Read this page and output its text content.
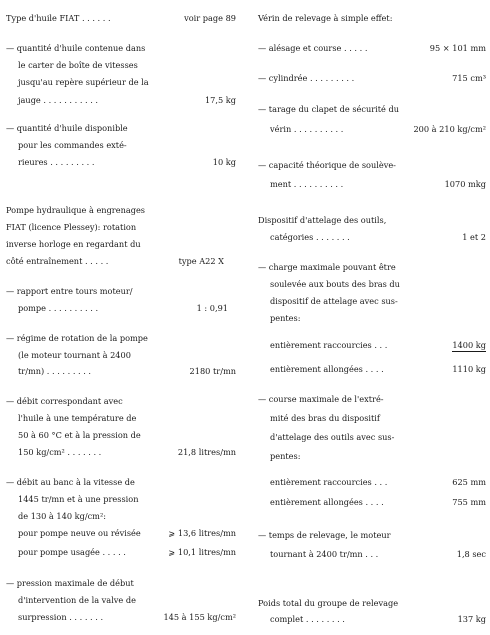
Type d'huile FIAT . . . . . .	voir page 89
— quantité d'huile contenue dans
le carter de boîte de vitesses
jusqu'au repère supérieur de la
jauge . . . . . . . . . . .	17,5 kg
— quantité d'huile disponible
pour les commandes exté-
rieures . . . . . . . . .	10 kg
Pompe hydraulique à engrenages
FIAT (licence Plessey): rotation
inverse horloge en regardant du
côté entraînement . . . . .	type A22 X
— rapport entre tours moteur/
pompe . . . . . . . . . .	1 : 0,91
— régime de rotation de la pompe
(le moteur tournant à 2400
tr/mn) . . . . . . . . .	2180 tr/mn
— débit correspondant avec
l'huile à une température de
50 à 60 °C et à la pression de
150 kg/cm² . . . . . . .	21,8 litres/mn
— débit au banc à la vitesse de
1445 tr/mn et à une pression
de 130 à 140 kg/cm²:
pour pompe neuve ou révisée	⩾ 13,6 litres/mn
pour pompe usagée . . . . .	⩾ 10,1 litres/mn
— pression maximale de début
d'intervention de la valve de
surpression . . . . . . .	145 à 155 kg/cm²
Vérin de relevage à simple effet:
— alésage et course . . . . .	95 × 101 mm
— cylindrée . . . . . . . . .	715 cm³
— tarage du clapet de sécurité du
vérin . . . . . . . . . .	200 à 210 kg/cm²
— capacité théorique de soulève-
ment . . . . . . . . . .	1070 mkg
Dispositif d'attelage des outils,
catégories . . . . . . .	1 et 2
— charge maximale pouvant être
soulevée aux bouts des bras du
dispositif de attelage avec sus-
pentes:
entièrement raccourcies . . .	1400 kg
entièrement allongées . . . .	1110 kg
— course maximale de l'extré-
mité des bras du dispositif
d'attelage des outils avec sus-
pentes:
entièrement raccourcies . . .	625 mm
entièrement allongées . . . .	755 mm
— temps de relevage, le moteur
tournant à 2400 tr/mn . . .	1,8 sec
Poids total du groupe de relevage
complet . . . . . . . .	137 kg
